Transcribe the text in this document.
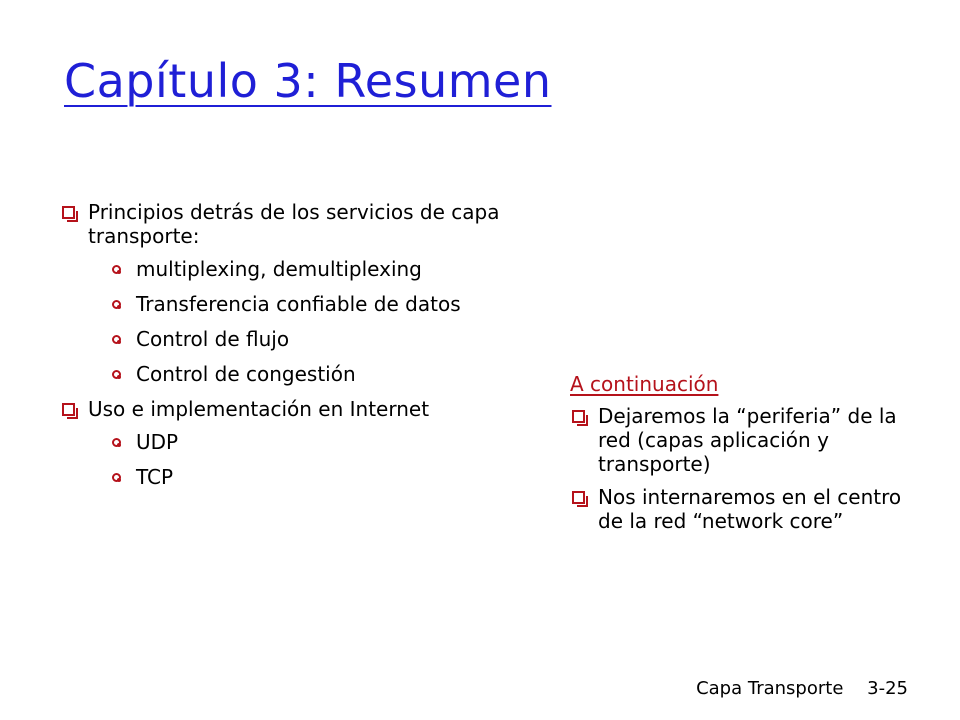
Capítulo 3: Resumen
Principios detrás de los servicios de capa transporte:
multiplexing, demultiplexing
Transferencia confiable de datos
Control de flujo
Control de congestión
Uso e implementación en Internet
UDP
TCP
A continuación
Dejaremos la “periferia” de la red (capas aplicación y transporte)
Nos internaremos en el centro de la red “network core”
Capa Transporte 3-25
